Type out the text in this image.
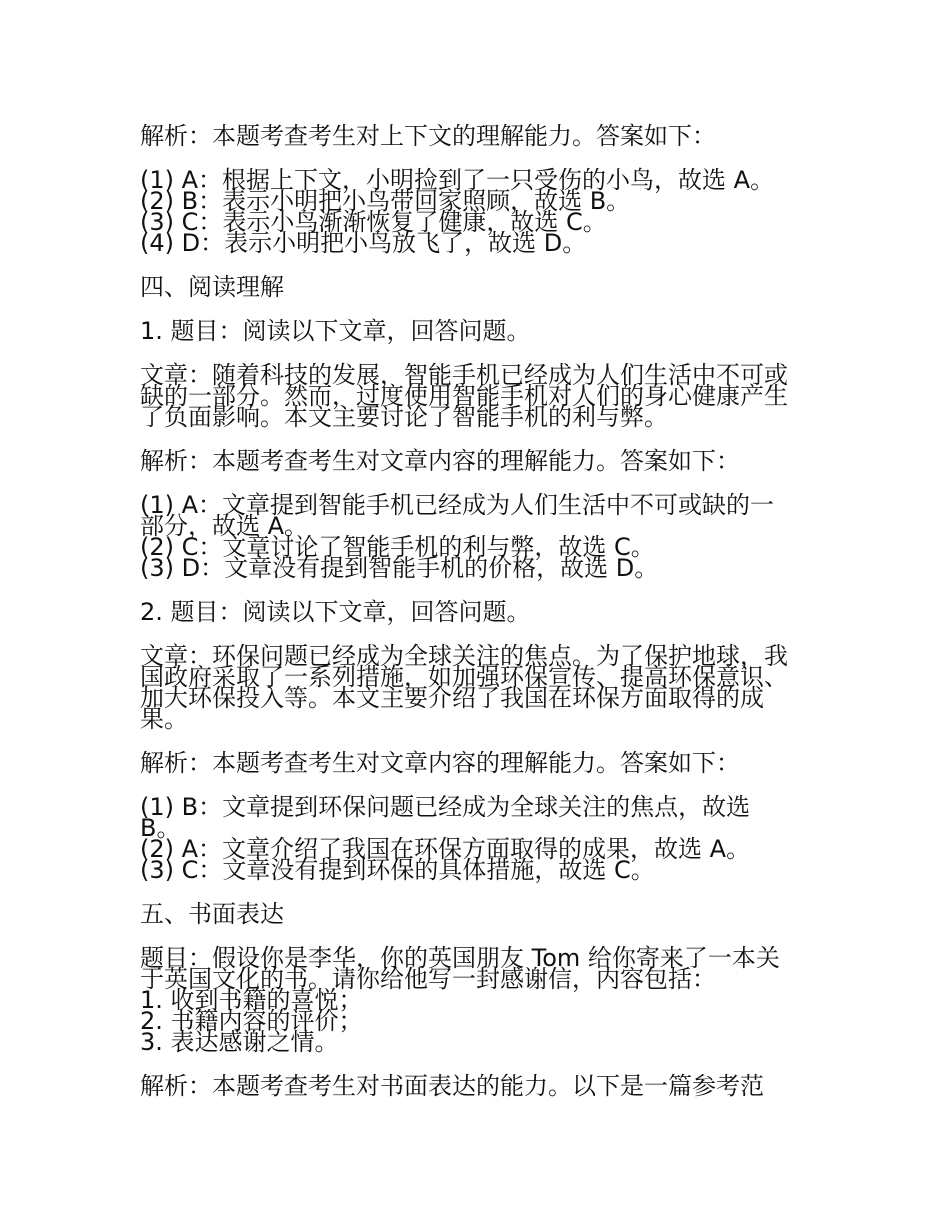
解析：本题考查考生对上下文的理解能力。答案如下：
(1) A：根据上下文，小明捡到了一只受伤的小鸟，故选 A。
(2) B：表示小明把小鸟带回家照顾，故选 B。
(3) C：表示小鸟渐渐恢复了健康，故选 C。
(4) D：表示小明把小鸟放飞了，故选 D。
四、阅读理解
1. 题目：阅读以下文章，回答问题。
文章：随着科技的发展，智能手机已经成为人们生活中不可或
缺的一部分。然而，过度使用智能手机对人们的身心健康产生
了负面影响。本文主要讨论了智能手机的利与弊。
解析：本题考查考生对文章内容的理解能力。答案如下：
(1) A：文章提到智能手机已经成为人们生活中不可或缺的一
部分，故选 A。
(2) C：文章讨论了智能手机的利与弊，故选 C。
(3) D：文章没有提到智能手机的价格，故选 D。
2. 题目：阅读以下文章，回答问题。
文章：环保问题已经成为全球关注的焦点。为了保护地球，我
国政府采取了一系列措施，如加强环保宣传、提高环保意识、
加大环保投入等。本文主要介绍了我国在环保方面取得的成
果。
解析：本题考查考生对文章内容的理解能力。答案如下：
(1) B：文章提到环保问题已经成为全球关注的焦点，故选
B。
(2) A：文章介绍了我国在环保方面取得的成果，故选 A。
(3) C：文章没有提到环保的具体措施，故选 C。
五、书面表达
题目：假设你是李华，你的英国朋友 Tom 给你寄来了一本关
于英国文化的书。请你给他写一封感谢信，内容包括：
1. 收到书籍的喜悦；
2. 书籍内容的评价；
3. 表达感谢之情。
解析：本题考查考生对书面表达的能力。以下是一篇参考范
